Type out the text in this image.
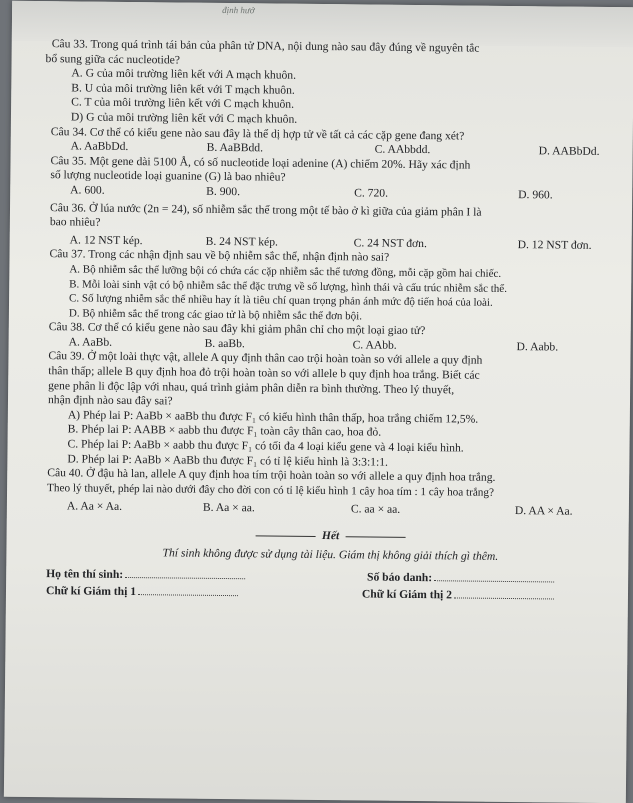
định hướ

Câu 33. Trong quá trình tái bản của phân tử DNA, nội dung nào sau đây đúng về nguyên tắc

bổ sung giữa các nucleotide?

A. G của môi trường liên kết với A mạch khuôn.

B. U của môi trường liên kết với T mạch khuôn.

C. T của môi trường liên kết với C mạch khuôn.

D) G của môi trường liên kết với C mạch khuôn.

Câu 34. Cơ thể có kiểu gene nào sau đây là thể dị hợp tử về tất cả các cặp gene đang xét?

A. AaBbDd.	B. AaBBdd.	C. AAbbdd.	D. AABbDd.

Câu 35. Một gene dài 5100 Å, có số nucleotide loại adenine (A) chiếm 20%. Hãy xác định

số lượng nucleotide loại guanine (G) là bao nhiêu?

A. 600.	B. 900.	C. 720.	D. 960.

Câu 36. Ở lúa nước (2n = 24), số nhiễm sắc thể trong một tế bào ở kì giữa của giảm phân I là

bao nhiêu?

A. 12 NST kép.	B. 24 NST kép.	C. 24 NST đơn.	D. 12 NST đơn.

Câu 37. Trong các nhận định sau về bộ nhiễm sắc thể, nhận định nào sai?

A. Bộ nhiễm sắc thể lưỡng bội có chứa các cặp nhiễm sắc thể tương đồng, mỗi cặp gồm hai chiếc.

B. Mỗi loài sinh vật có bộ nhiễm sắc thể đặc trưng về số lượng, hình thái và cấu trúc nhiễm sắc thể.

C. Số lượng nhiễm sắc thể nhiều hay ít là tiêu chí quan trọng phản ánh mức độ tiến hoá của loài.

D. Bộ nhiễm sắc thể trong các giao tử là bộ nhiễm sắc thể đơn bội.

Câu 38. Cơ thể có kiểu gene nào sau đây khi giảm phân chỉ cho một loại giao tử?

A. AaBb.	B. aaBb.	C. AAbb.	D. Aabb.

Câu 39. Ở một loài thực vật, allele A quy định thân cao trội hoàn toàn so với allele a quy định

thân thấp; allele B quy định hoa đỏ trội hoàn toàn so với allele b quy định hoa trắng. Biết các

gene phân li độc lập với nhau, quá trình giảm phân diễn ra bình thường. Theo lý thuyết,

nhận định nào sau đây sai?

A) Phép lai P: AaBb × aaBb thu được F₁ có kiểu hình thân thấp, hoa trắng chiếm 12,5%.

B. Phép lai P: AABB × aabb thu được F₁ toàn cây thân cao, hoa đỏ.

C. Phép lai P: AaBb × aabb thu được F₁ có tối đa 4 loại kiểu gene và 4 loại kiểu hình.

D. Phép lai P: AaBb × AaBb thu được F₁ có tỉ lệ kiểu hình là 3:3:1:1.

Câu 40. Ở đậu hà lan, allele A quy định hoa tím trội hoàn toàn so với allele a quy định hoa trắng.

Theo lý thuyết, phép lai nào dưới đây cho đời con có tỉ lệ kiểu hình 1 cây hoa tím : 1 cây hoa trắng?

A. Aa × Aa.	B. Aa × aa.	C. aa × aa.	D. AA × Aa.
Hết

Thí sinh không được sử dụng tài liệu. Giám thị không giải thích gì thêm.

Họ tên thí sinh:	Số báo danh:
Chữ kí Giám thị 1	Chữ kí Giám thị 2
